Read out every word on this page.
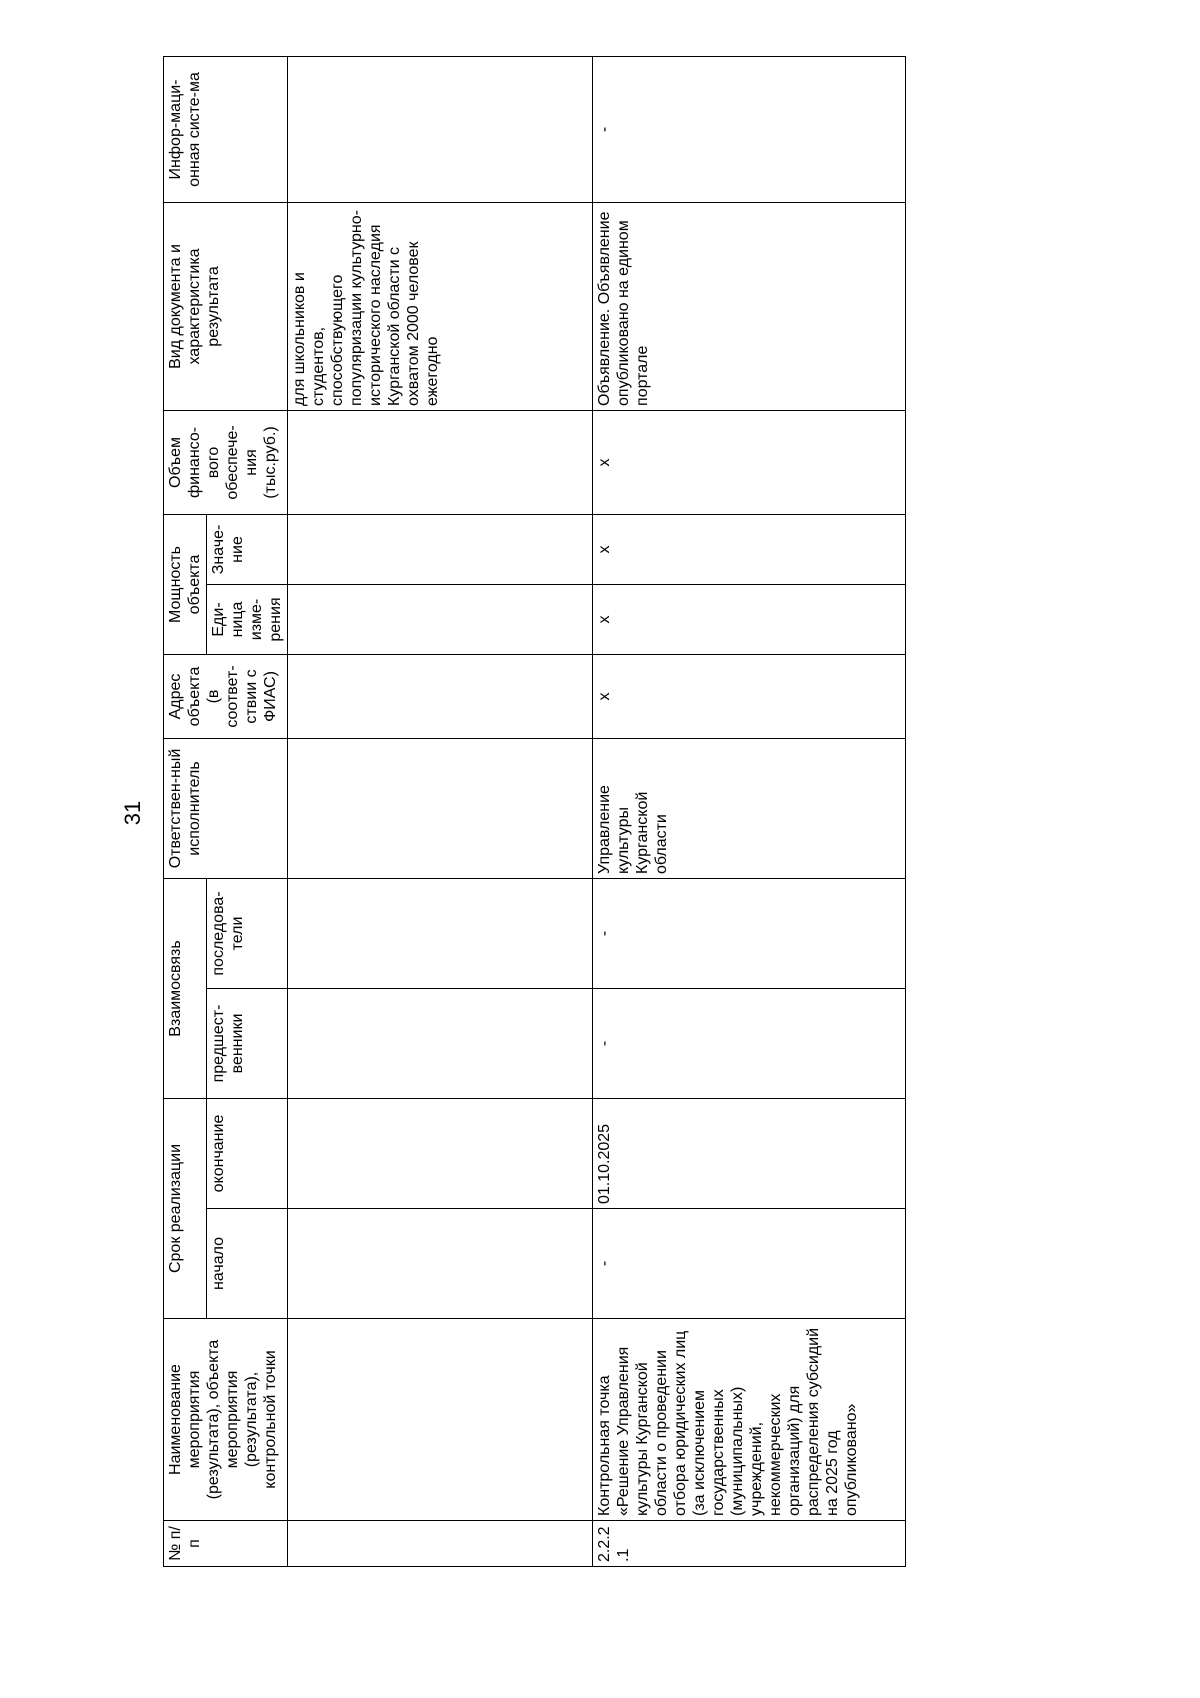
31
№ п/п	Наименование мероприятия (результата), объекта мероприятия (результата), контрольной точки	Срок реализации		Взаимосвязь		Ответствен-ный исполнитель	Адрес объекта (в соответ-ствии с ФИАС)	Мощность объекта		Объем финансо-вого обеспече-ния (тыс.руб.)	Вид документа и характеристика результата	Инфор-маци-онная систе-ма
		начало	окончание	предшест-венники	последова-тели			Еди-ница изме-рения	Значе-ние			
											для школьников и студентов, способствующего популяризации культурно-исторического наследия Курганской области с охватом 2000 человек ежегодно	
2.2.2.1	Контрольная точка «Решение Управления культуры Курганской области о проведении отбора юридических лиц (за исключением государственных (муниципальных) учреждений, некоммерческих организаций) для распределения субсидий на 2025 год опубликовано»	-	01.10.2025	-	-	Управление культуры Курганской области	х	х	х	х	Объявление. Объявление опубликовано на едином портале	-
